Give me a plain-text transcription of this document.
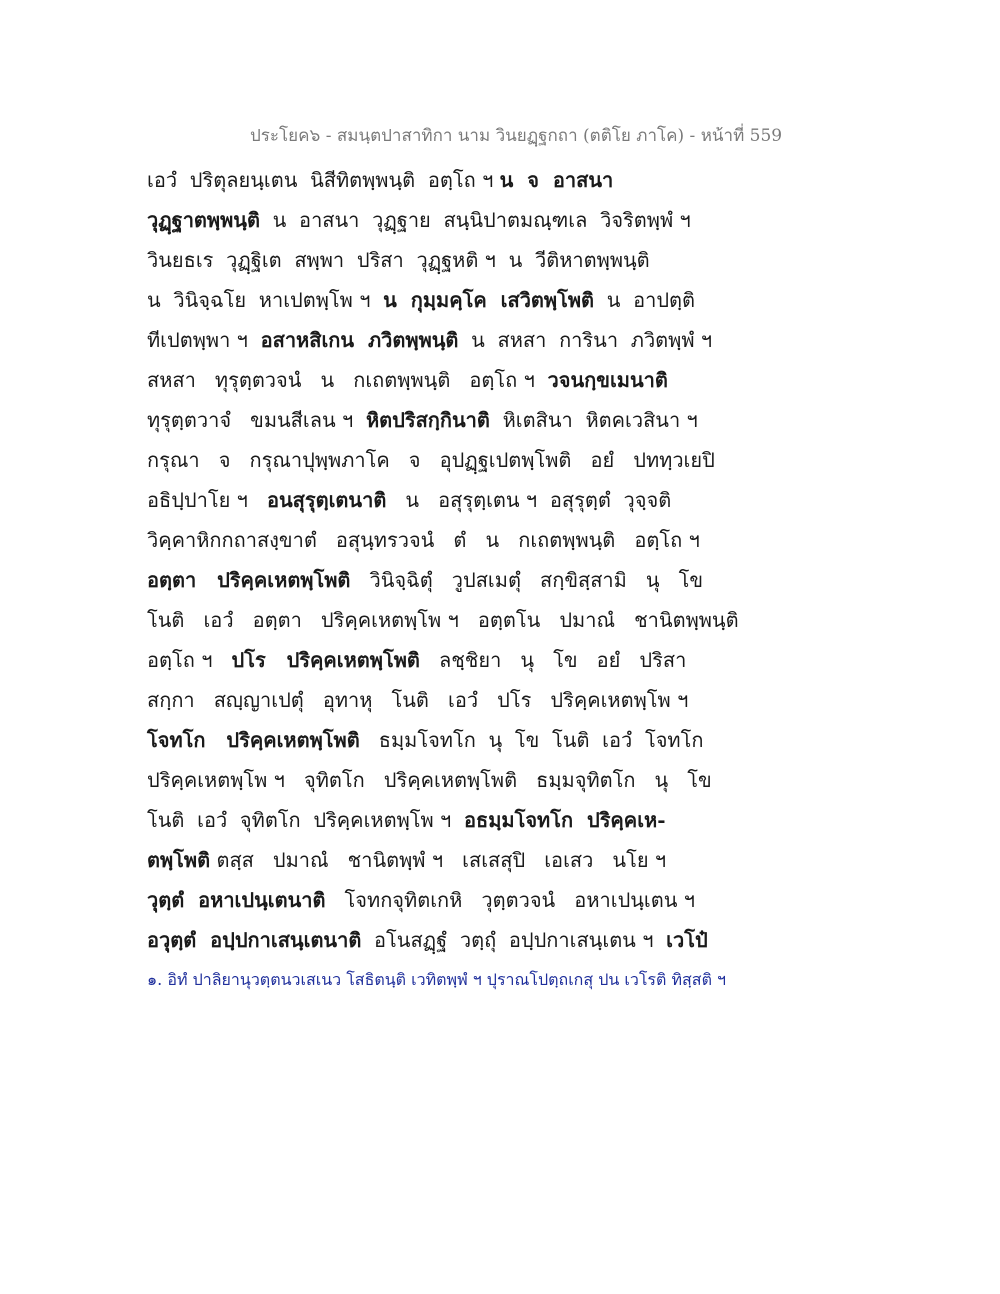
ประโยค๖ - สมนฺตปาสาทิกา นาม วินยฏฺฐกถา (ตติโย ภาโค) - หน้าที่ 559
เอวํ  ปริตุลยนฺเตน  นิสีทิตพฺพนฺติ  อตฺโถ ฯ น  จ  อาสนา
วุฏฺฐาตพฺพนฺติ  น  อาสนา  วุฏฺฐาย  สนฺนิปาตมณฺฑเล  วิจริตพฺพํ ฯ
วินยธเร  วุฏฺฐิเต  สพฺพา  ปริสา  วุฏฺฐหติ ฯ  น  วีติหาตพฺพนฺติ
น  วินิจฺฉโย  หาเปตพฺโพ ฯ  น  กุมฺมคฺโค  เสวิตพฺโพติ  น  อาปตฺติ
ทีเปตพฺพา ฯ  อสาหสิเกน  ภวิตพฺพนฺติ  น  สหสา  การินา  ภวิตพฺพํ ฯ
สหสา   ทุรุตฺตวจนํ   น   กเถตพฺพนฺติ   อตฺโถ ฯ  วจนกฺขเมนาติ
ทุรุตฺตวาจํ   ขมนสีเลน ฯ  หิตปริสกฺกินาติ  หิเตสินา  หิตคเวสินา ฯ
กรุณา   จ   กรุณาปุพฺพภาโค   จ   อุปฏฺฐเปตพฺโพติ   อยํ   ปททฺวเยปิ
อธิปฺปาโย ฯ   อนสุรุตฺเตนาติ   น   อสุรุตฺเตน ฯ  อสุรุตฺตํ  วุจฺจติ
วิคฺคาหิกกถาสงฺขาตํ   อสุนฺทรวจนํ   ตํ   น   กเถตพฺพนฺติ   อตฺโถ ฯ
อตฺตา   ปริคฺคเหตพฺโพติ   วินิจฺฉิตุํ   วูปสเมตุํ   สกฺขิสฺสามิ   นุ   โข
โนติ   เอวํ   อตฺตา   ปริคฺคเหตพฺโพ ฯ   อตฺตโน   ปมาณํ   ชานิตพฺพนฺติ
อตฺโถ ฯ   ปโร   ปริคฺคเหตพฺโพติ   ลชฺชิยา   นุ   โข   อยํ   ปริสา
สกฺกา   สญฺญาเปตุํ   อุทาหุ   โนติ   เอวํ   ปโร   ปริคฺคเหตพฺโพ ฯ
โจทโก   ปริคฺคเหตพฺโพติ   ธมฺมโจทโก  นุ  โข  โนติ  เอวํ  โจทโก
ปริคฺคเหตพฺโพ ฯ   จุทิตโก   ปริคฺคเหตพฺโพติ   ธมฺมจุทิตโก   นุ   โข
โนติ  เอวํ  จุทิตโก  ปริคฺคเหตพฺโพ ฯ  อธมฺมโจทโก  ปริคฺคเห-
ตพฺโพติ ตสฺส   ปมาณํ   ชานิตพฺพํ ฯ   เสเสสุปิ   เอเสว   นโย ฯ
วุตฺตํ  อหาเปนฺเตนาติ   โจทกจุทิตเกหิ   วุตฺตวจนํ   อหาเปนฺเตน ฯ
อวุตฺตํ  อปฺปกาเสนฺเตนาติ  อโนสฏฺฐํ  วตฺถุํ  อปฺปกาเสนฺเตน ฯ  เวโป๋
๑. อิทํ ปาลิยานุวตฺตนวเสเนว โสธิตนฺติ เวทิตพฺพํ ฯ ปุราณโปตฺถเกสุ ปน เวโรติ ทิสฺสติ ฯ
